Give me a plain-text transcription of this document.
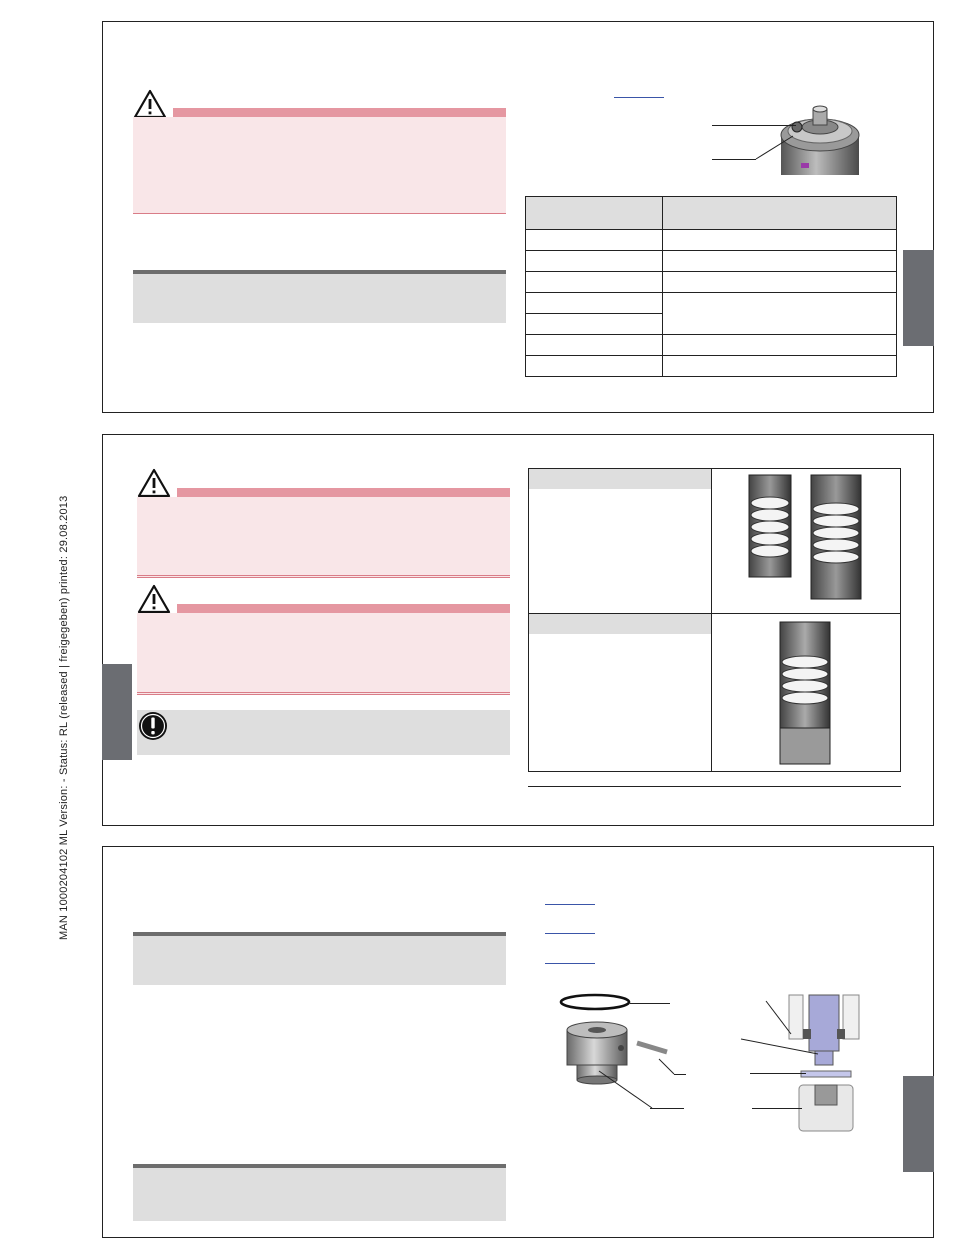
MAN 1000204102 ML Version: - Status: RL (released | freigegeben) printed: 29.08.2013
